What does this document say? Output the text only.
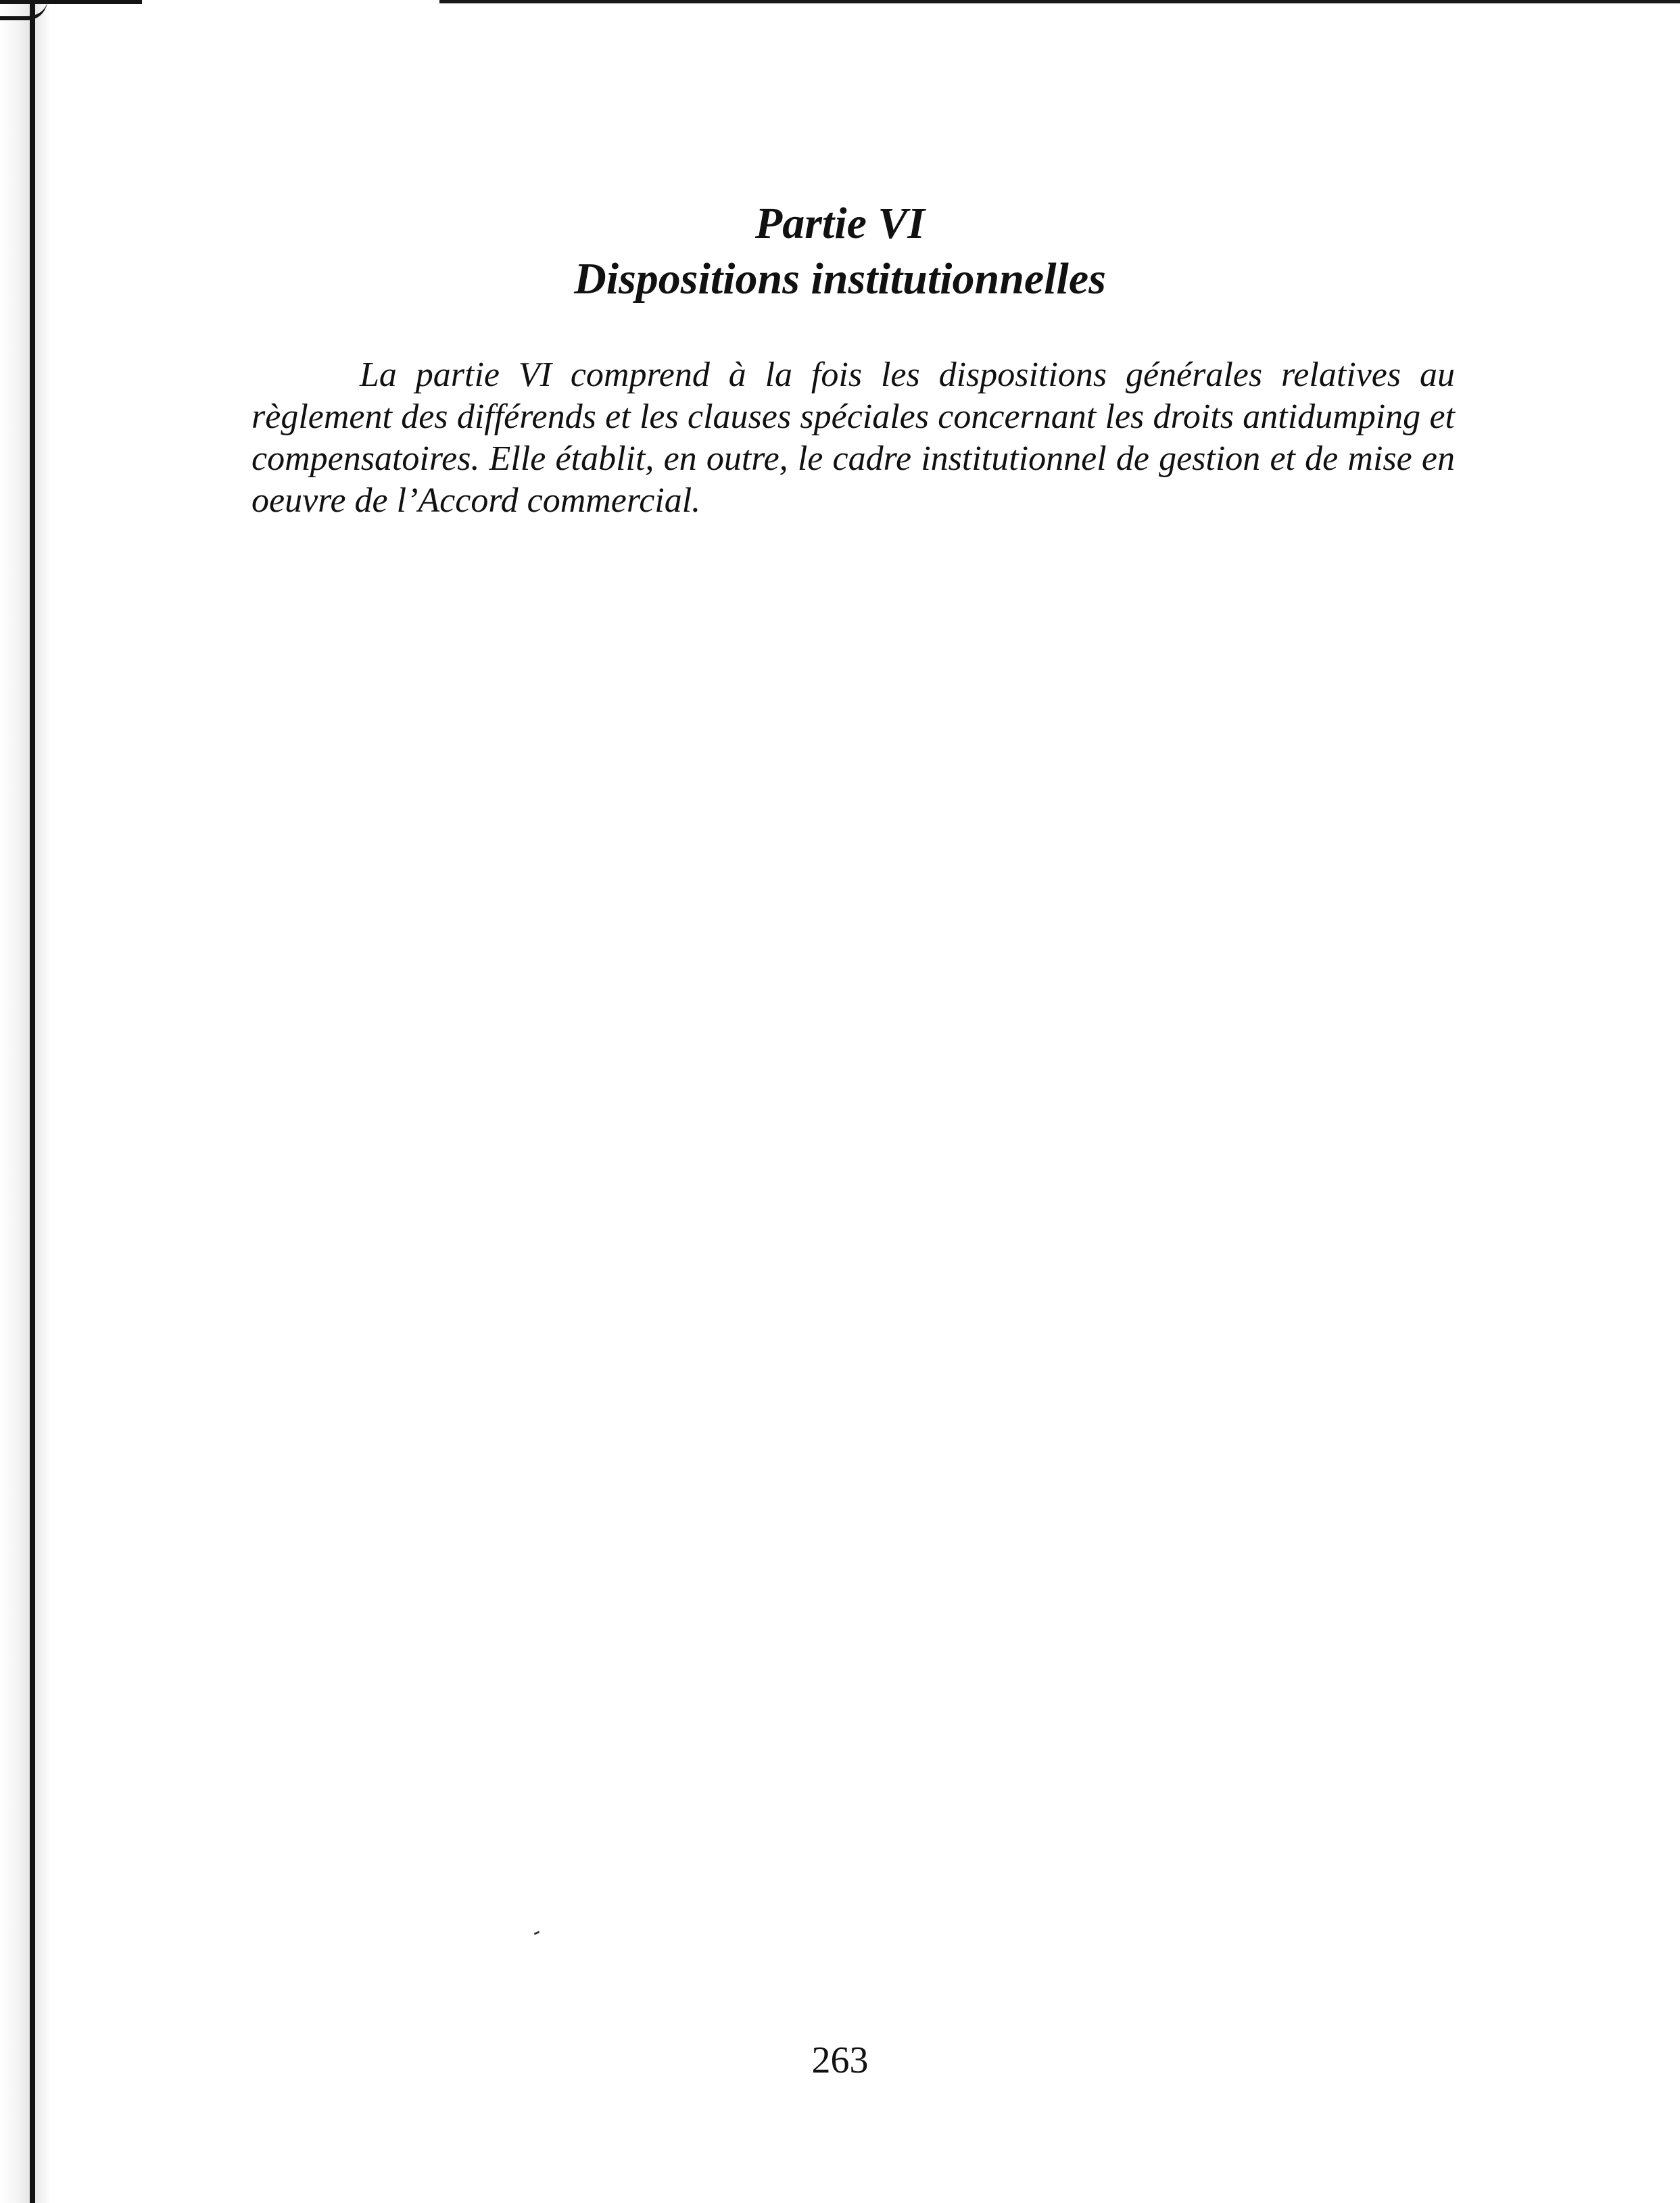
Partie VI
Dispositions institutionnelles

La partie VI comprend à la fois les dispositions générales relatives au règlement des différends et les clauses spéciales concernant les droits antidumping et compensatoires. Elle établit, en outre, le cadre institutionnel de gestion et de mise en oeuvre de l’Accord commercial.

263
